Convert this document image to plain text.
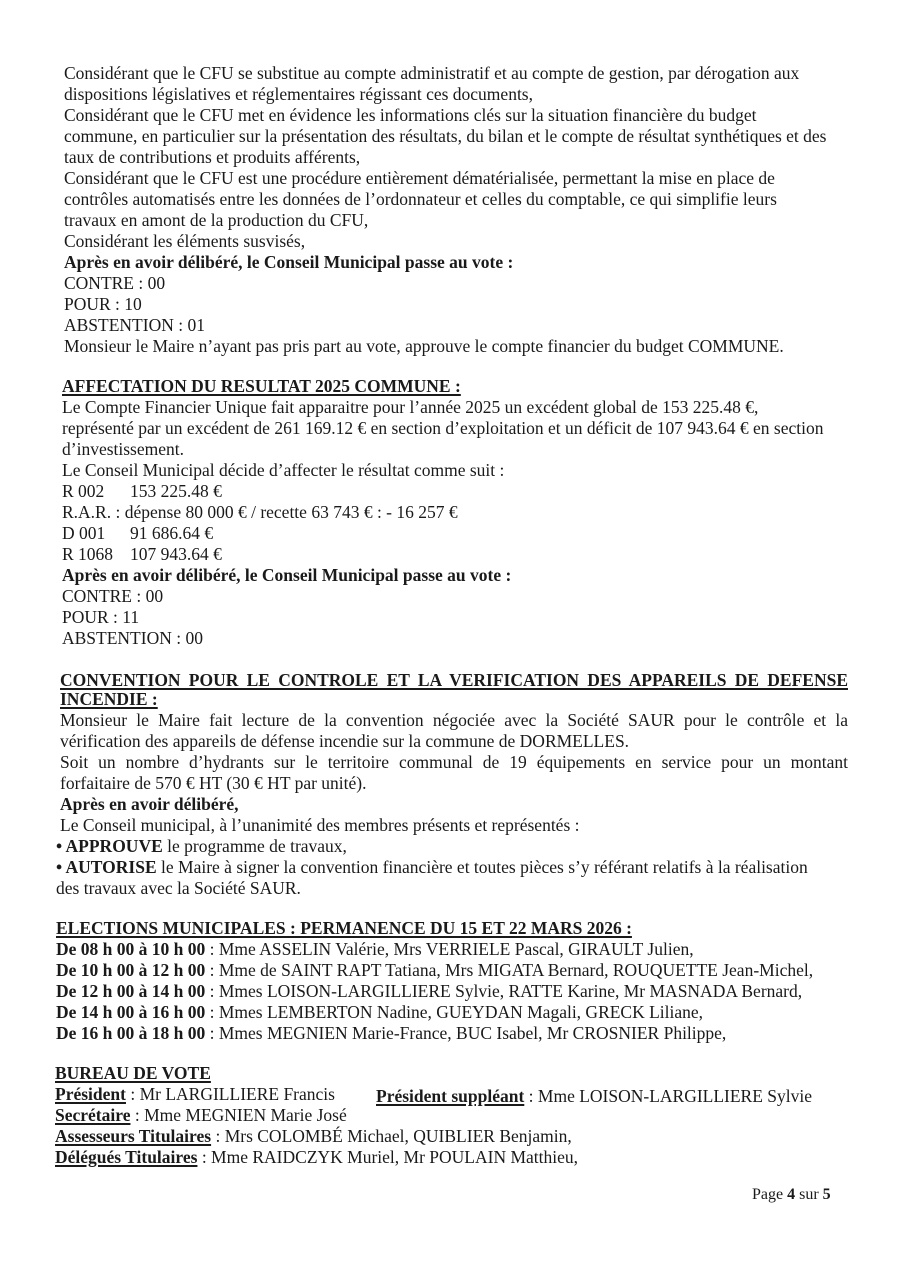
Considérant que le CFU se substitue au compte administratif et au compte de gestion, par dérogation aux
dispositions législatives et réglementaires régissant ces documents,
Considérant que le CFU met en évidence les informations clés sur la situation financière du budget
commune, en particulier sur la présentation des résultats, du bilan et le compte de résultat synthétiques et des
taux de contributions et produits afférents,
Considérant que le CFU est une procédure entièrement dématérialisée, permettant la mise en place de
contrôles automatisés entre les données de l’ordonnateur et celles du comptable, ce qui simplifie leurs
travaux en amont de la production du CFU,
Considérant les éléments susvisés,
Après en avoir délibéré, le Conseil Municipal passe au vote :
CONTRE : 00
POUR : 10
ABSTENTION : 01
Monsieur le Maire n’ayant pas pris part au vote, approuve le compte financier du budget COMMUNE.
AFFECTATION DU RESULTAT 2025 COMMUNE :
Le Compte Financier Unique fait apparaitre pour l’année 2025 un excédent global de 153 225.48 €,
représenté par un excédent de 261 169.12 € en section d’exploitation et un déficit de 107 943.64 € en section
d’investissement.
Le Conseil Municipal décide d’affecter le résultat comme suit :
R 002 153 225.48 €
R.A.R. : dépense 80 000 € / recette 63 743 € : - 16 257 €
D 001 91 686.64 €
R 1068 107 943.64 €
Après en avoir délibéré, le Conseil Municipal passe au vote :
CONTRE : 00
POUR : 11
ABSTENTION : 00
CONVENTION POUR LE CONTROLE ET LA VERIFICATION DES APPAREILS DE DEFENSE
INCENDIE :
Monsieur le Maire fait lecture de la convention négociée avec la Société SAUR pour le contrôle et la
vérification des appareils de défense incendie sur la commune de DORMELLES.
Soit un nombre d’hydrants sur le territoire communal de 19 équipements en service pour un montant
forfaitaire de 570 € HT (30 € HT par unité).
Après en avoir délibéré,
Le Conseil municipal, à l’unanimité des membres présents et représentés :
• APPROUVE le programme de travaux,
• AUTORISE le Maire à signer la convention financière et toutes pièces s’y référant relatifs à la réalisation
des travaux avec la Société SAUR.
ELECTIONS MUNICIPALES : PERMANENCE DU 15 ET 22 MARS 2026 :
De 08 h 00 à 10 h 00 : Mme ASSELIN Valérie, Mrs VERRIELE Pascal, GIRAULT Julien,
De 10 h 00 à 12 h 00 : Mme de SAINT RAPT Tatiana, Mrs MIGATA Bernard, ROUQUETTE Jean-Michel,
De 12 h 00 à 14 h 00 : Mmes LOISON-LARGILLIERE Sylvie, RATTE Karine, Mr MASNADA Bernard,
De 14 h 00 à 16 h 00 : Mmes LEMBERTON Nadine, GUEYDAN Magali, GRECK Liliane,
De 16 h 00 à 18 h 00 : Mmes MEGNIEN Marie-France, BUC Isabel, Mr CROSNIER Philippe,
BUREAU DE VOTE
Président : Mr LARGILLIERE Francis Président suppléant : Mme LOISON-LARGILLIERE Sylvie
Secrétaire : Mme MEGNIEN Marie José
Assesseurs Titulaires : Mrs COLOMBÉ Michael, QUIBLIER Benjamin,
Délégués Titulaires : Mme RAIDCZYK Muriel, Mr POULAIN Matthieu,
Page 4 sur 5
